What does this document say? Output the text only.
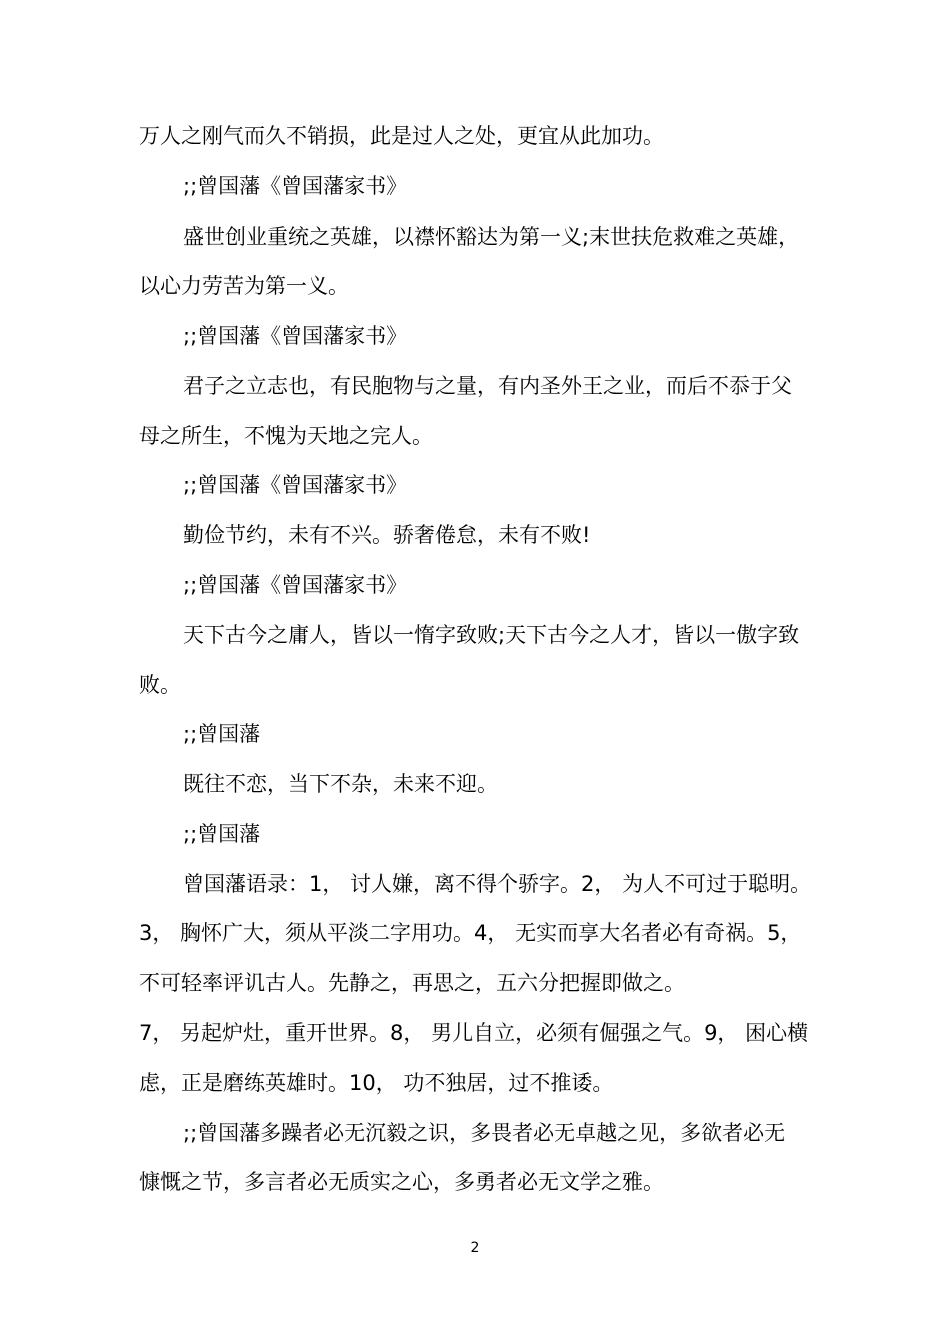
万人之刚气而久不销损，此是过人之处，更宜从此加功。
;;曾国藩《曾国藩家书》
盛世创业重统之英雄，以襟怀豁达为第一义;末世扶危救难之英雄，
以心力劳苦为第一义。
;;曾国藩《曾国藩家书》
君子之立志也，有民胞物与之量，有内圣外王之业，而后不忝于父
母之所生，不愧为天地之完人。
;;曾国藩《曾国藩家书》
勤俭节约，未有不兴。骄奢倦怠，未有不败!
;;曾国藩《曾国藩家书》
天下古今之庸人，皆以一惰字致败;天下古今之人才，皆以一傲字致
败。
;;曾国藩
既往不恋，当下不杂，未来不迎。
;;曾国藩
曾国藩语录：1， 讨人嫌，离不得个骄字。2， 为人不可过于聪明。
3， 胸怀广大，须从平淡二字用功。4， 无实而享大名者必有奇祸。5，
不可轻率评讥古人。先静之，再思之，五六分把握即做之。
7， 另起炉灶，重开世界。8， 男儿自立，必须有倔强之气。9， 困心横
虑，正是磨练英雄时。10， 功不独居，过不推诿。
;;曾国藩多躁者必无沉毅之识，多畏者必无卓越之见，多欲者必无
慷慨之节，多言者必无质实之心，多勇者必无文学之雅。
2
